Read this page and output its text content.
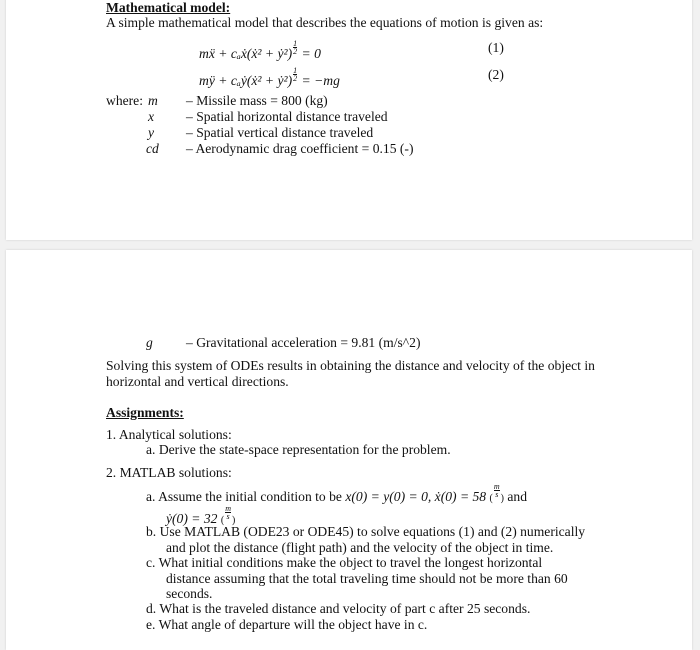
Mathematical model:
A simple mathematical model that describes the equations of motion is given as:
mẍ + cₐẋ(ẋ² + ẏ²) $\frac{1}{2} = 0$	(1)
mÿ + cₐẏ(ẋ² + ẏ²) $\frac{1}{2} = -mg$	(2)
where: m
x
y
cd
– Missile mass = 800 (kg)
– Spatial horizontal distance traveled
– Spatial vertical distance traveled
– Aerodynamic drag coefficient = 0.15 (-)
g – Gravitational acceleration = 9.81 (m/s^2)
Solving this system of ODEs results in obtaining the distance and velocity of the object in
horizontal and vertical directions.
Assignments:
1. Analytical solutions:
a. Derive the state-space representation for the problem.
2. MATLAB solutions:
a. Assume the initial condition to be x(0) = y(0) = 0, ẋ(0) = 58 (
$\frac{m}{s}$
) and
ẏ(0) = 32 (
$\frac{m}{s}$
)
b. Use MATLAB (ODE23 or ODE45) to solve equations (1) and (2) numerically
and plot the distance (flight path) and the velocity of the object in time.
c. What initial conditions make the object to travel the longest horizontal
distance assuming that the total traveling time should not be more than 60
seconds.
d. What is the traveled distance and velocity of part c after 25 seconds.
e. What angle of departure will the object have in c.
